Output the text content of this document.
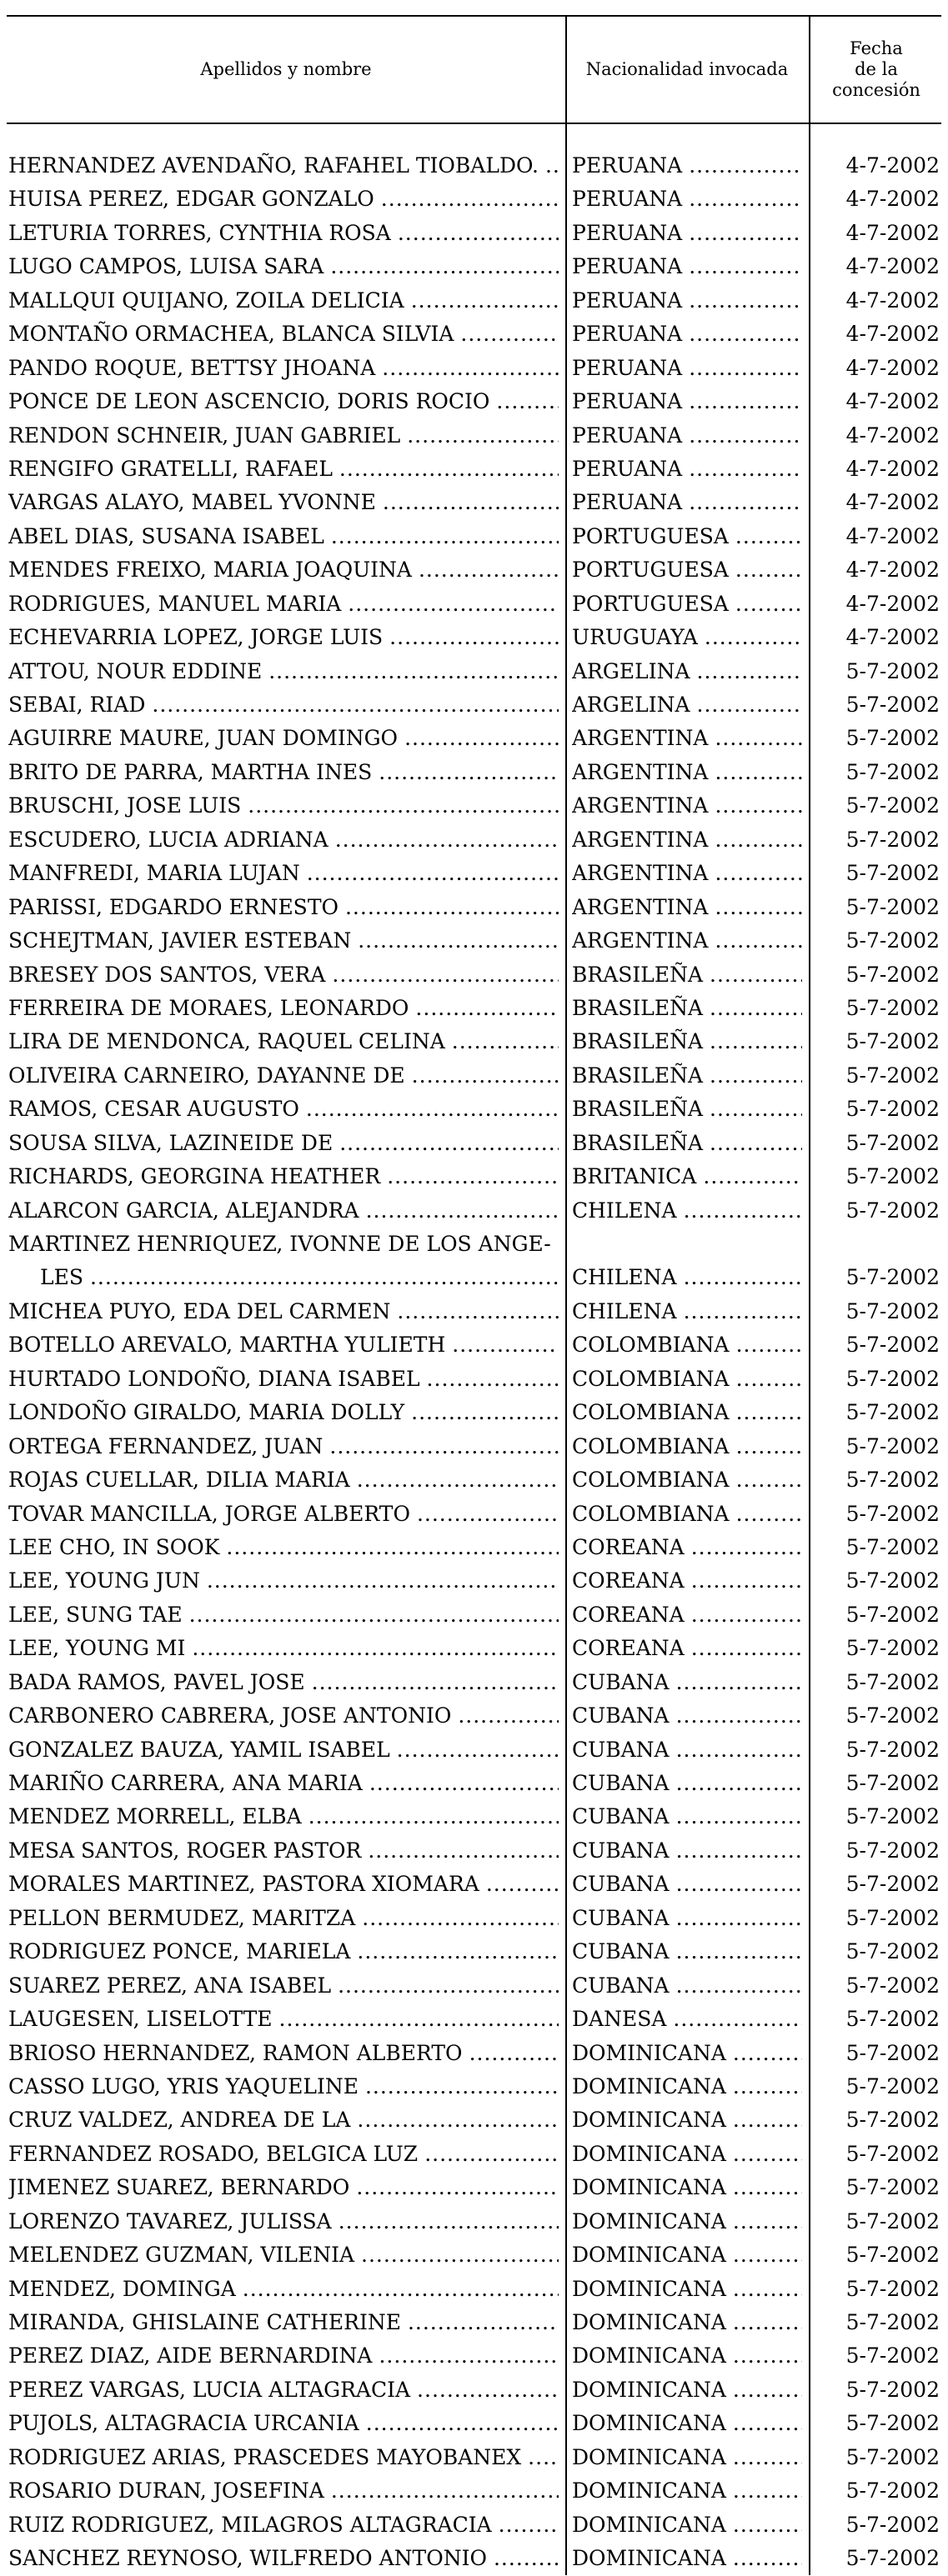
Apellidos y nombre	Nacionalidad invocada
Fecha
de la
concesión
HERNANDEZ AVENDAÑO, RAFAHEL TIOBALDO. ..... PERUANA .....	4-7-2002
HUISA PEREZ, EDGAR GONZALO .....	PERUANA .....	4-7-2002
LETURIA TORRES, CYNTHIA ROSA .....	PERUANA .....	4-7-2002
LUGO CAMPOS, LUISA SARA .....	PERUANA .....	4-7-2002
MALLQUI QUIJANO, ZOILA DELICIA .....	PERUANA .....	4-7-2002
MONTAÑO ORMACHEA, BLANCA SILVIA .....	PERUANA .....	4-7-2002
PANDO ROQUE, BETTSY JHOANA .....	PERUANA .....	4-7-2002
PONCE DE LEON ASCENCIO, DORIS ROCIO .....	PERUANA .....	4-7-2002
RENDON SCHNEIR, JUAN GABRIEL .....	PERUANA .....	4-7-2002
RENGIFO GRATELLI, RAFAEL .....	PERUANA .....	4-7-2002
VARGAS ALAYO, MABEL YVONNE .....	PERUANA .....	4-7-2002
ABEL DIAS, SUSANA ISABEL .....	PORTUGUESA .....	4-7-2002
MENDES FREIXO, MARIA JOAQUINA .....	PORTUGUESA .....	4-7-2002
RODRIGUES, MANUEL MARIA .....	PORTUGUESA .....	4-7-2002
ECHEVARRIA LOPEZ, JORGE LUIS .....	URUGUAYA .....	4-7-2002
ATTOU, NOUR EDDINE .....	ARGELINA .....	5-7-2002
SEBAI, RIAD .....	ARGELINA .....	5-7-2002
AGUIRRE MAURE, JUAN DOMINGO .....	ARGENTINA .....	5-7-2002
BRITO DE PARRA, MARTHA INES .....	ARGENTINA .....	5-7-2002
BRUSCHI, JOSE LUIS .....	ARGENTINA .....	5-7-2002
ESCUDERO, LUCIA ADRIANA .....	ARGENTINA .....	5-7-2002
MANFREDI, MARIA LUJAN .....	ARGENTINA .....	5-7-2002
PARISSI, EDGARDO ERNESTO .....	ARGENTINA .....	5-7-2002
SCHEJTMAN, JAVIER ESTEBAN .....	ARGENTINA .....	5-7-2002
BRESEY DOS SANTOS, VERA .....	BRASILEÑA .....	5-7-2002
FERREIRA DE MORAES, LEONARDO .....	BRASILEÑA .....	5-7-2002
LIRA DE MENDONCA, RAQUEL CELINA .....	BRASILEÑA .....	5-7-2002
OLIVEIRA CARNEIRO, DAYANNE DE .....	BRASILEÑA .....	5-7-2002
RAMOS, CESAR AUGUSTO .....	BRASILEÑA .....	5-7-2002
SOUSA SILVA, LAZINEIDE DE .....	BRASILEÑA .....	5-7-2002
RICHARDS, GEORGINA HEATHER .....	BRITANICA .....	5-7-2002
ALARCON GARCIA, ALEJANDRA .....	CHILENA .....	5-7-2002
MARTINEZ HENRIQUEZ, IVONNE DE LOS ANGE-
LES .....	CHILENA .....	5-7-2002
MICHEA PUYO, EDA DEL CARMEN .....	CHILENA .....	5-7-2002
BOTELLO AREVALO, MARTHA YULIETH .....	COLOMBIANA .....	5-7-2002
HURTADO LONDOÑO, DIANA ISABEL .....	COLOMBIANA .....	5-7-2002
LONDOÑO GIRALDO, MARIA DOLLY .....	COLOMBIANA .....	5-7-2002
ORTEGA FERNANDEZ, JUAN .....	COLOMBIANA .....	5-7-2002
ROJAS CUELLAR, DILIA MARIA .....	COLOMBIANA .....	5-7-2002
TOVAR MANCILLA, JORGE ALBERTO .....	COLOMBIANA .....	5-7-2002
LEE CHO, IN SOOK .....	COREANA .....	5-7-2002
LEE, YOUNG JUN .....	COREANA .....	5-7-2002
LEE, SUNG TAE .....	COREANA .....	5-7-2002
LEE, YOUNG MI .....	COREANA .....	5-7-2002
BADA RAMOS, PAVEL JOSE .....	CUBANA .....	5-7-2002
CARBONERO CABRERA, JOSE ANTONIO .....	CUBANA .....	5-7-2002
GONZALEZ BAUZA, YAMIL ISABEL .....	CUBANA .....	5-7-2002
MARIÑO CARRERA, ANA MARIA .....	CUBANA .....	5-7-2002
MENDEZ MORRELL, ELBA .....	CUBANA .....	5-7-2002
MESA SANTOS, ROGER PASTOR .....	CUBANA .....	5-7-2002
MORALES MARTINEZ, PASTORA XIOMARA .....	CUBANA .....	5-7-2002
PELLON BERMUDEZ, MARITZA .....	CUBANA .....	5-7-2002
RODRIGUEZ PONCE, MARIELA .....	CUBANA .....	5-7-2002
SUAREZ PEREZ, ANA ISABEL .....	CUBANA .....	5-7-2002
LAUGESEN, LISELOTTE .....	DANESA .....	5-7-2002
BRIOSO HERNANDEZ, RAMON ALBERTO .....	DOMINICANA .....	5-7-2002
CASSO LUGO, YRIS YAQUELINE .....	DOMINICANA .....	5-7-2002
CRUZ VALDEZ, ANDREA DE LA .....	DOMINICANA .....	5-7-2002
FERNANDEZ ROSADO, BELGICA LUZ .....	DOMINICANA .....	5-7-2002
JIMENEZ SUAREZ, BERNARDO .....	DOMINICANA .....	5-7-2002
LORENZO TAVAREZ, JULISSA .....	DOMINICANA .....	5-7-2002
MELENDEZ GUZMAN, VILENIA .....	DOMINICANA .....	5-7-2002
MENDEZ, DOMINGA .....	DOMINICANA .....	5-7-2002
MIRANDA, GHISLAINE CATHERINE .....	DOMINICANA .....	5-7-2002
PEREZ DIAZ, AIDE BERNARDINA .....	DOMINICANA .....	5-7-2002
PEREZ VARGAS, LUCIA ALTAGRACIA .....	DOMINICANA .....	5-7-2002
PUJOLS, ALTAGRACIA URCANIA .....	DOMINICANA .....	5-7-2002
RODRIGUEZ ARIAS, PRASCEDES MAYOBANEX ..... DOMINICANA .....	5-7-2002
ROSARIO DURAN, JOSEFINA .....	DOMINICANA .....	5-7-2002
RUIZ RODRIGUEZ, MILAGROS ALTAGRACIA .....	DOMINICANA .....	5-7-2002
SANCHEZ REYNOSO, WILFREDO ANTONIO .....	DOMINICANA .....	5-7-2002
